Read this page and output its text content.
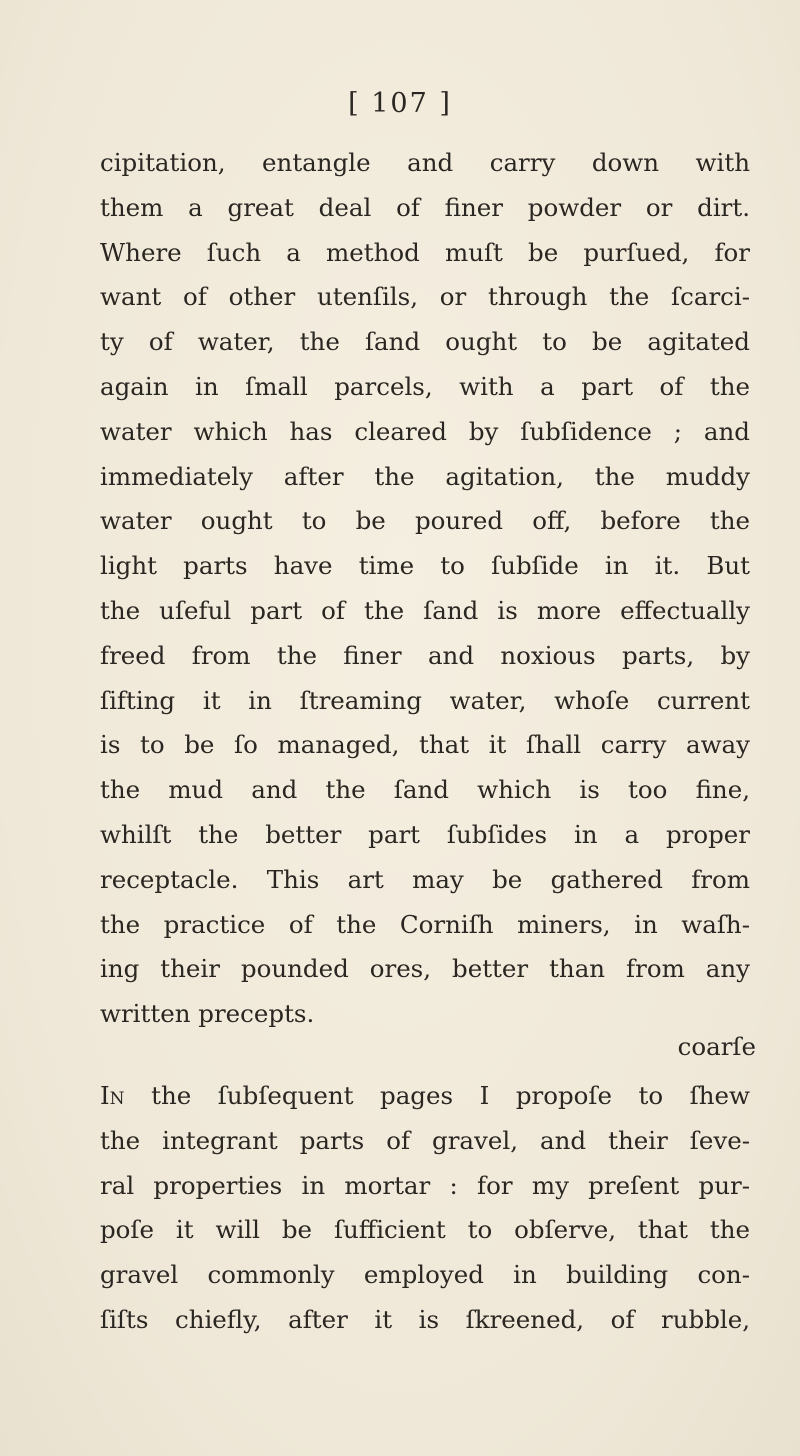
[ 107 ]
cipitation, entangle and carry down with
them a great deal of finer powder or dirt.
Where ſuch a method muſt be purſued, for
want of other utenſils, or through the ſcarci-
ty of water, the ſand ought to be agitated
again in ſmall parcels, with a part of the
water which has cleared by ſubſidence ; and
immediately after the agitation, the muddy
water ought to be poured off, before the
light parts have time to ſubſide in it. But
the uſeful part of the ſand is more effectually
freed from the finer and noxious parts, by
ſifting it in ſtreaming water, whoſe current
is to be ſo managed, that it ſhall carry away
the mud and the ſand which is too fine,
whilſt the better part ſubſides in a proper
receptacle. This art may be gathered from
the practice of the Corniſh miners, in waſh-
ing their pounded ores, better than from any
written precepts.
In the ſubſequent pages I propoſe to ſhew
the integrant parts of gravel, and their ſeve-
ral properties in mortar : for my preſent pur-
poſe it will be ſufficient to obſerve, that the
gravel commonly employed in building con-
ſiſts chiefly, after it is ſkreened, of rubble,
coarſe
